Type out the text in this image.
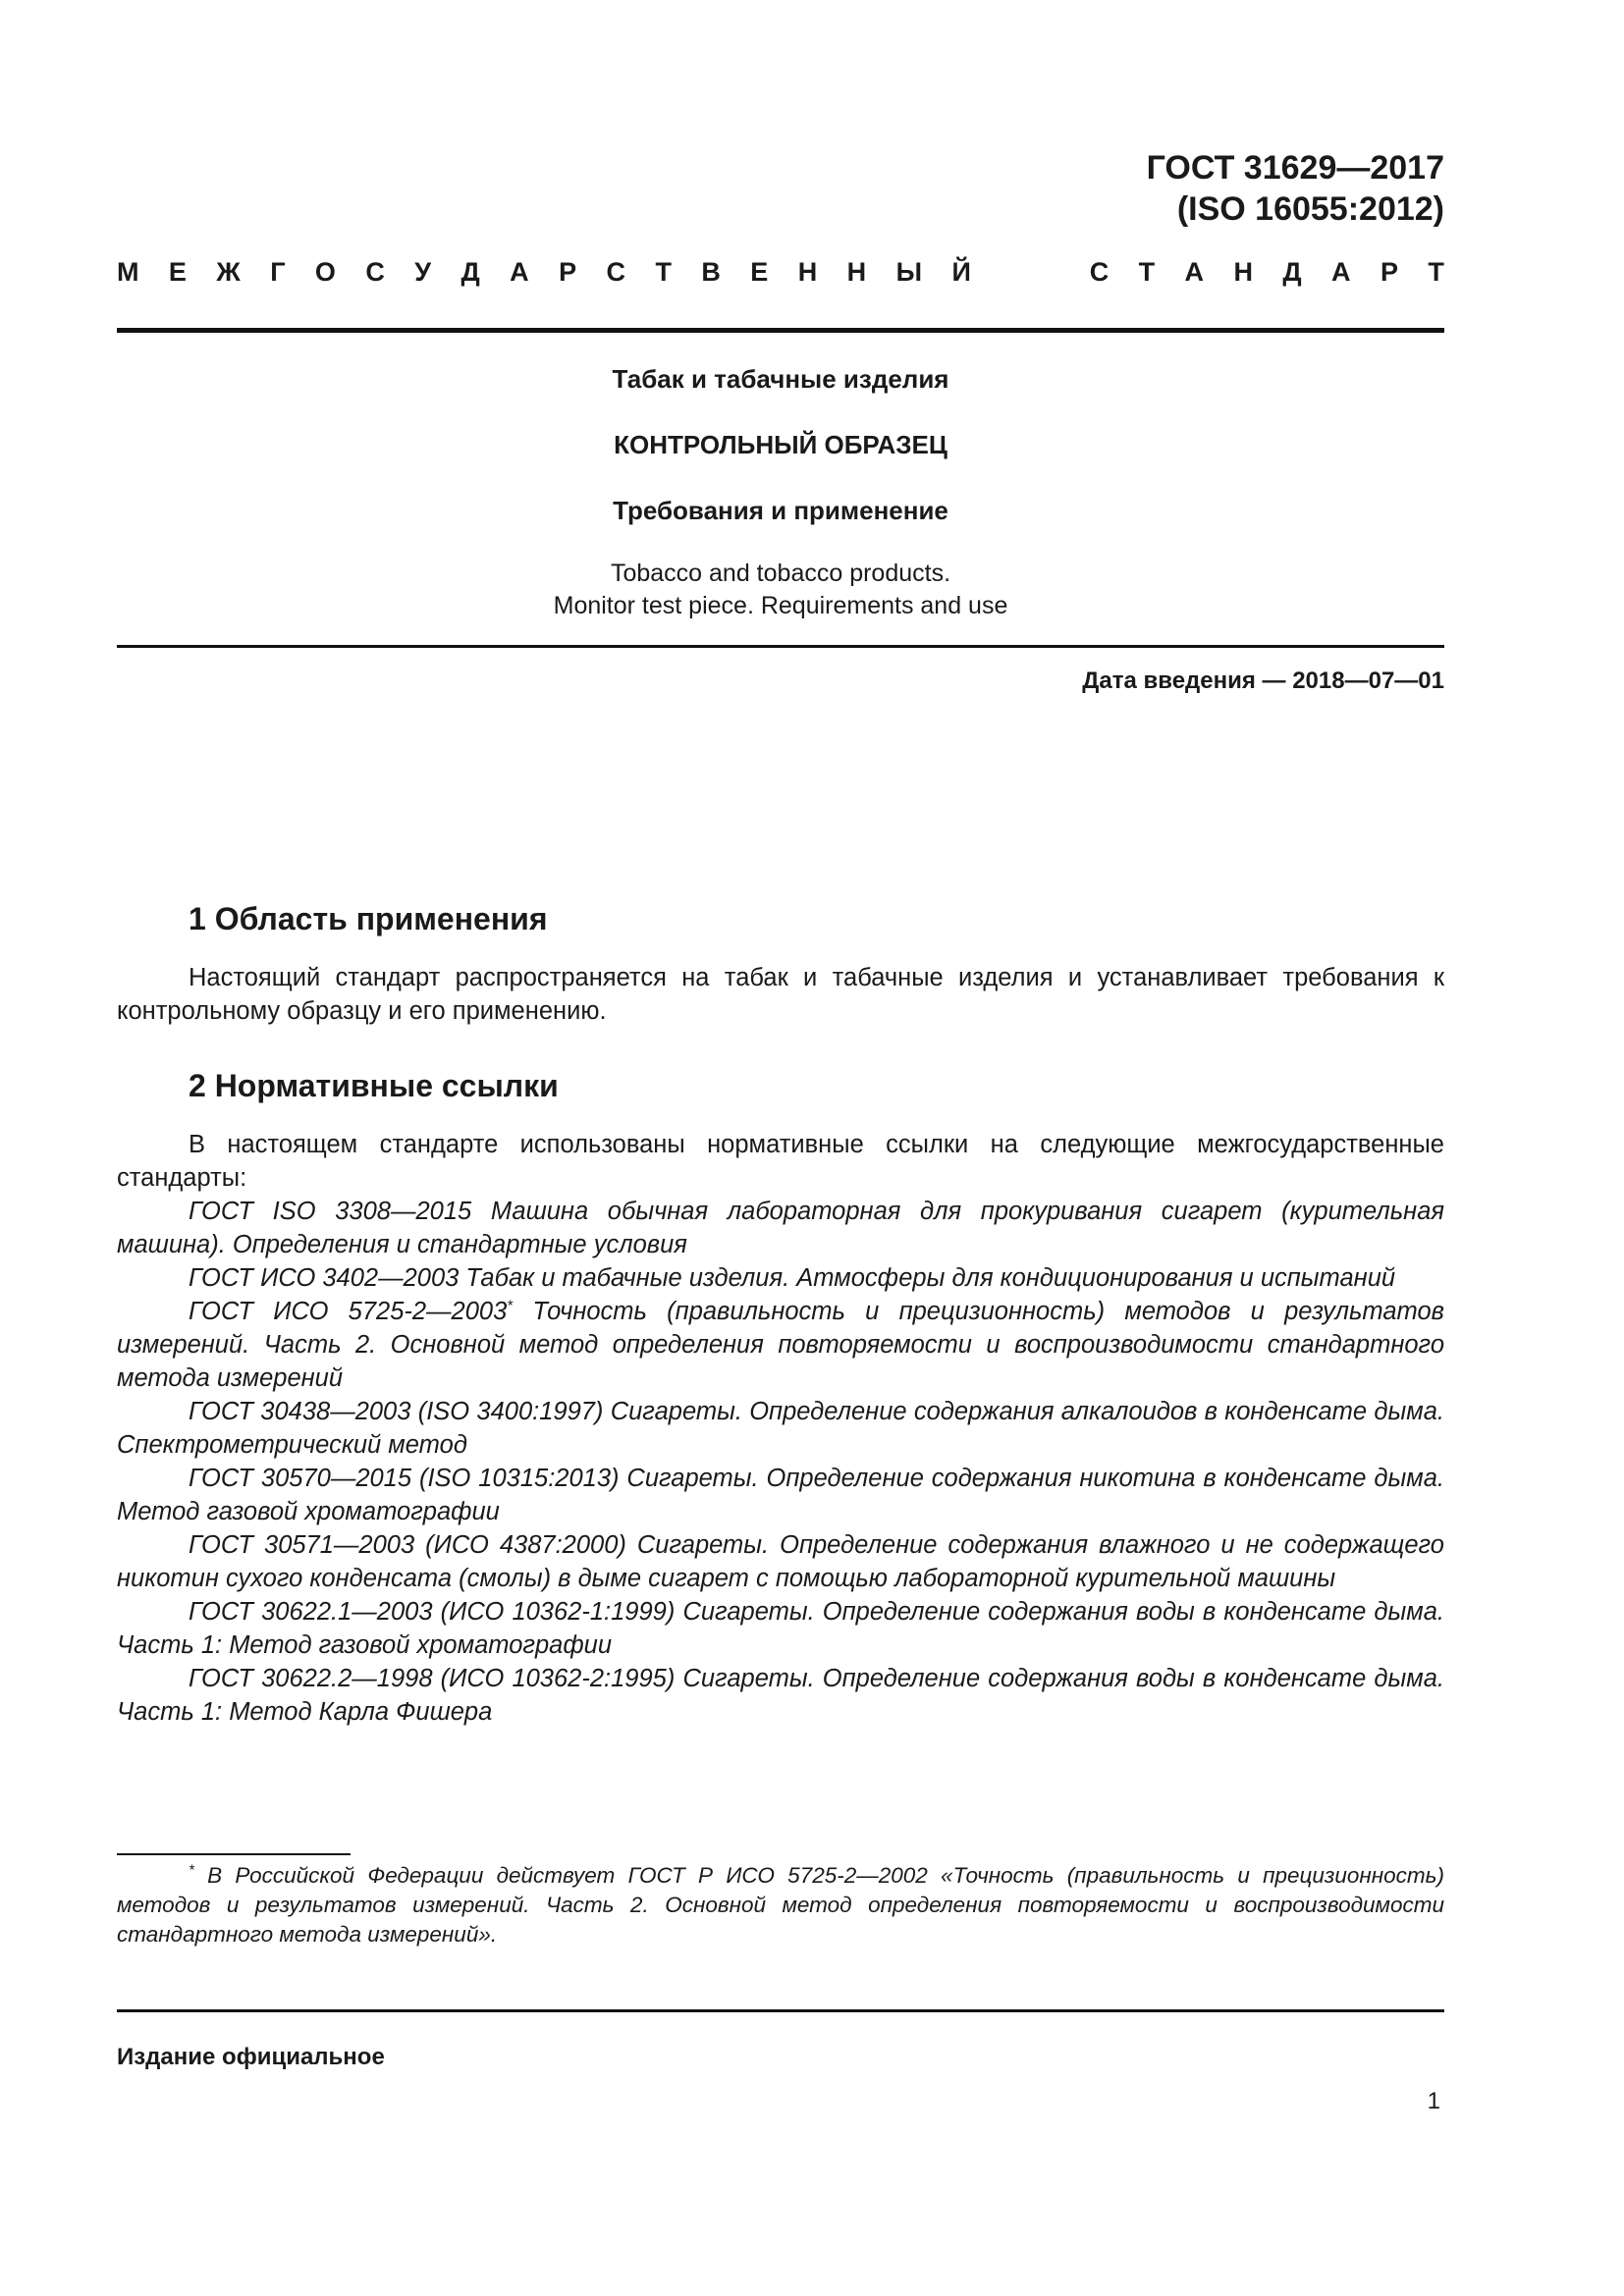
ГОСТ 31629—2017
(ISO 16055:2012)
М Е Ж Г О С У Д А Р С Т В Е Н Н Ы Й	С Т А Н Д А Р Т
Табак и табачные изделия
КОНТРОЛЬНЫЙ ОБРАЗЕЦ
Требования и применение
Tobacco and tobacco products.
Monitor test piece. Requirements and use
Дата введения — 2018—07—01
1 Область применения

Настоящий стандарт распространяется на табак и табачные изделия и устанавливает требования к контрольному образцу и его применению.

2 Нормативные ссылки

В настоящем стандарте использованы нормативные ссылки на следующие межгосударственные стандарты:

ГОСТ ISO 3308—2015 Машина обычная лабораторная для прокуривания сигарет (курительная машина). Определения и стандартные условия

ГОСТ ИСО 3402—2003 Табак и табачные изделия. Атмосферы для кондиционирования и испытаний

ГОСТ ИСО 5725-2—2003* Точность (правильность и прецизионность) методов и результатов измерений. Часть 2. Основной метод определения повторяемости и воспроизводимости стандартного метода измерений

ГОСТ 30438—2003 (ISO 3400:1997) Сигареты. Определение содержания алкалоидов в конденсате дыма. Спектрометрический метод

ГОСТ 30570—2015 (ISO 10315:2013) Сигареты. Определение содержания никотина в конденсате дыма. Метод газовой хроматографии

ГОСТ 30571—2003 (ИСО 4387:2000) Сигареты. Определение содержания влажного и не содержащего никотин сухого конденсата (смолы) в дыме сигарет с помощью лабораторной курительной машины

ГОСТ 30622.1—2003 (ИСО 10362-1:1999) Сигареты. Определение содержания воды в конденсате дыма. Часть 1: Метод газовой хроматографии

ГОСТ 30622.2—1998 (ИСО 10362-2:1995) Сигареты. Определение содержания воды в конденсате дыма. Часть 1: Метод Карла Фишера

* В Российской Федерации действует ГОСТ Р ИСО 5725-2—2002 «Точность (правильность и прецизионность) методов и результатов измерений. Часть 2. Основной метод определения повторяемости и воспроизводимости стандартного метода измерений».

Издание официальное
1
